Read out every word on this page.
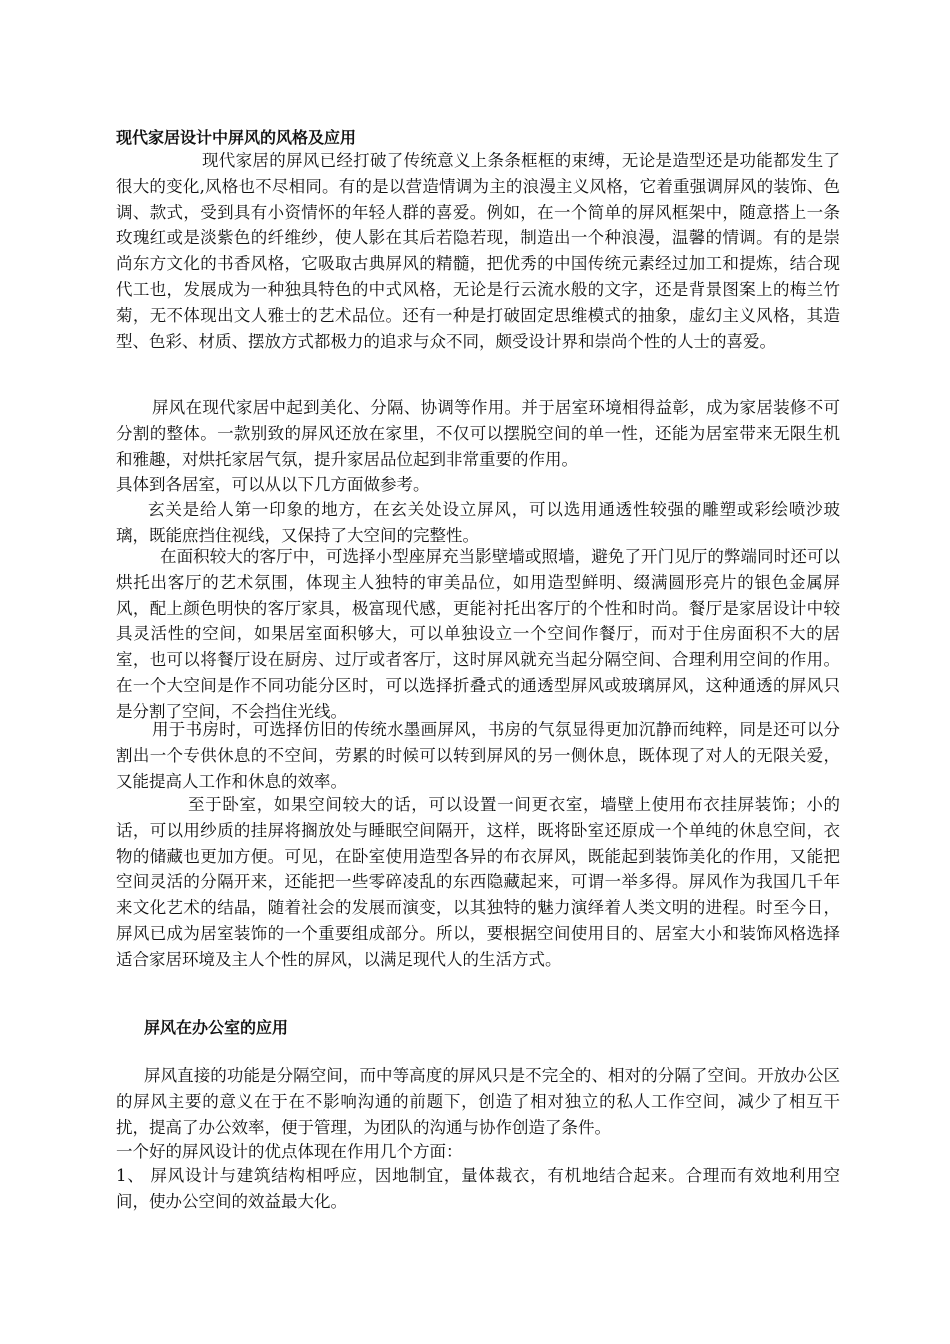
现代家居设计中屏风的风格及应用

现代家居的屏风已经打破了传统意义上条条框框的束缚，无论是造型还是功能都发生了很大的变化,风格也不尽相同。有的是以营造情调为主的浪漫主义风格，它着重强调屏风的装饰、色调、款式，受到具有小资情怀的年轻人群的喜爱。例如，在一个简单的屏风框架中，随意搭上一条玫瑰红或是淡紫色的纤维纱，使人影在其后若隐若现，制造出一个种浪漫，温馨的情调。有的是崇尚东方文化的书香风格，它吸取古典屏风的精髓，把优秀的中国传统元素经过加工和提炼，结合现代工也，发展成为一种独具特色的中式风格，无论是行云流水般的文字，还是背景图案上的梅兰竹菊，无不体现出文人雅士的艺术品位。还有一种是打破固定思维模式的抽象，虚幻主义风格，其造型、色彩、材质、摆放方式都极力的追求与众不同，颇受设计界和崇尚个性的人士的喜爱。

屏风在现代家居中起到美化、分隔、协调等作用。并于居室环境相得益彰，成为家居装修不可分割的整体。一款别致的屏风还放在家里，不仅可以摆脱空间的单一性，还能为居室带来无限生机和雅趣，对烘托家居气氛，提升家居品位起到非常重要的作用。

具体到各居室，可以从以下几方面做参考。

玄关是给人第一印象的地方，在玄关处设立屏风，可以选用通透性较强的雕塑或彩绘喷沙玻璃，既能庶挡住视线，又保持了大空间的完整性。

在面积较大的客厅中，可选择小型座屏充当影壁墙或照墙，避免了开门见厅的弊端同时还可以烘托出客厅的艺术氛围，体现主人独特的审美品位，如用造型鲜明、缀满圆形亮片的银色金属屏风，配上颜色明快的客厅家具，极富现代感，更能衬托出客厅的个性和时尚。餐厅是家居设计中较具灵活性的空间，如果居室面积够大，可以单独设立一个空间作餐厅，而对于住房面积不大的居室，也可以将餐厅设在厨房、过厅或者客厅，这时屏风就充当起分隔空间、合理利用空间的作用。在一个大空间是作不同功能分区时，可以选择折叠式的通透型屏风或玻璃屏风，这种通透的屏风只是分割了空间，不会挡住光线。

用于书房时，可选择仿旧的传统水墨画屏风，书房的气氛显得更加沉静而纯粹，同是还可以分割出一个专供休息的不空间，劳累的时候可以转到屏风的另一侧休息，既体现了对人的无限关爱，又能提高人工作和休息的效率。

至于卧室，如果空间较大的话，可以设置一间更衣室，墙壁上使用布衣挂屏装饰；小的话，可以用纱质的挂屏将搁放处与睡眠空间隔开，这样，既将卧室还原成一个单纯的休息空间，衣物的储藏也更加方便。可见，在卧室使用造型各异的布衣屏风，既能起到装饰美化的作用，又能把空间灵活的分隔开来，还能把一些零碎凌乱的东西隐藏起来，可谓一举多得。屏风作为我国几千年来文化艺术的结晶，随着社会的发展而演变，以其独特的魅力演绎着人类文明的进程。时至今日，屏风已成为居室装饰的一个重要组成部分。所以，要根据空间使用目的、居室大小和装饰风格选择适合家居环境及主人个性的屏风，以满足现代人的生活方式。

屏风在办公室的应用

屏风直接的功能是分隔空间，而中等高度的屏风只是不完全的、相对的分隔了空间。开放办公区的屏风主要的意义在于在不影响沟通的前题下，创造了相对独立的私人工作空间，减少了相互干扰，提高了办公效率，便于管理，为团队的沟通与协作创造了条件。

一个好的屏风设计的优点体现在作用几个方面：

1、 屏风设计与建筑结构相呼应，因地制宜，量体裁衣，有机地结合起来。合理而有效地利用空间，使办公空间的效益最大化。
